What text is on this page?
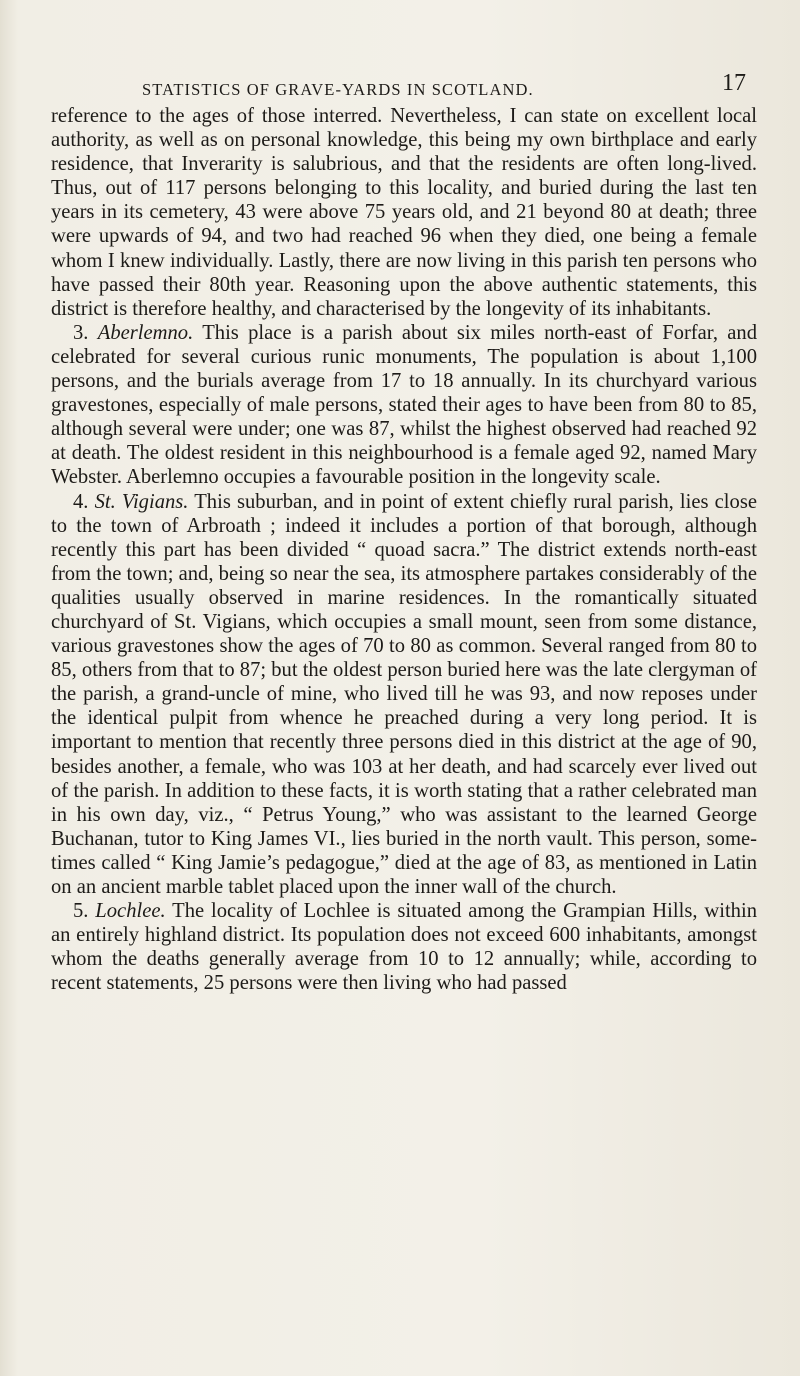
STATISTICS OF GRAVE-YARDS IN SCOTLAND.	17

reference to the ages of those interred. Nevertheless, I can state on excellent local authority, as well as on personal knowledge, this being my own birthplace and early residence, that Inverarity is salubrious, and that the residents are often long-lived. Thus, out of 117 persons belonging to this locality, and buried during the last ten years in its cemetery, 43 were above 75 years old, and 21 beyond 80 at death; three were upwards of 94, and two had reached 96 when they died, one being a female whom I knew individually. Lastly, there are now living in this parish ten persons who have passed their 80th year. Reasoning upon the above authentic statements, this district is therefore healthy, and characterised by the longevity of its inhabitants.

3. Aberlemno. This place is a parish about six miles north-east of Forfar, and celebrated for several curious runic monuments, The population is about 1,100 persons, and the burials average from 17 to 18 annually. In its churchyard various gravestones, especially of male persons, stated their ages to have been from 80 to 85, although several were under; one was 87, whilst the highest observed had reached 92 at death. The oldest resident in this neighbourhood is a female aged 92, named Mary Webster. Aberlemno occupies a favourable position in the longevity scale.

4. St. Vigians. This suburban, and in point of extent chiefly rural parish, lies close to the town of Arbroath ; indeed it includes a portion of that borough, although recently this part has been divided “ quoad sacra.” The district extends north-east from the town; and, being so near the sea, its atmosphere partakes considerably of the qualities usually observed in marine residences. In the romantically situated churchyard of St. Vigians, which occupies a small mount, seen from some distance, various gravestones show the ages of 70 to 80 as common. Several ranged from 80 to 85, others from that to 87; but the oldest person buried here was the late clergyman of the parish, a grand-uncle of mine, who lived till he was 93, and now reposes under the identical pulpit from whence he preached during a very long period. It is important to mention that recently three persons died in this district at the age of 90, besides another, a female, who was 103 at her death, and had scarcely ever lived out of the parish. In addition to these facts, it is worth stating that a rather celebrated man in his own day, viz., “ Petrus Young,” who was assistant to the learned George Buchanan, tutor to King James VI., lies buried in the north vault. This person, sometimes called “ King Jamie’s pedagogue,” died at the age of 83, as mentioned in Latin on an ancient marble tablet placed upon the inner wall of the church.

5. Lochlee. The locality of Lochlee is situated among the Grampian Hills, within an entirely highland district. Its population does not exceed 600 inhabitants, amongst whom the deaths generally average from 10 to 12 annually; while, according to recent statements, 25 persons were then living who had passed
